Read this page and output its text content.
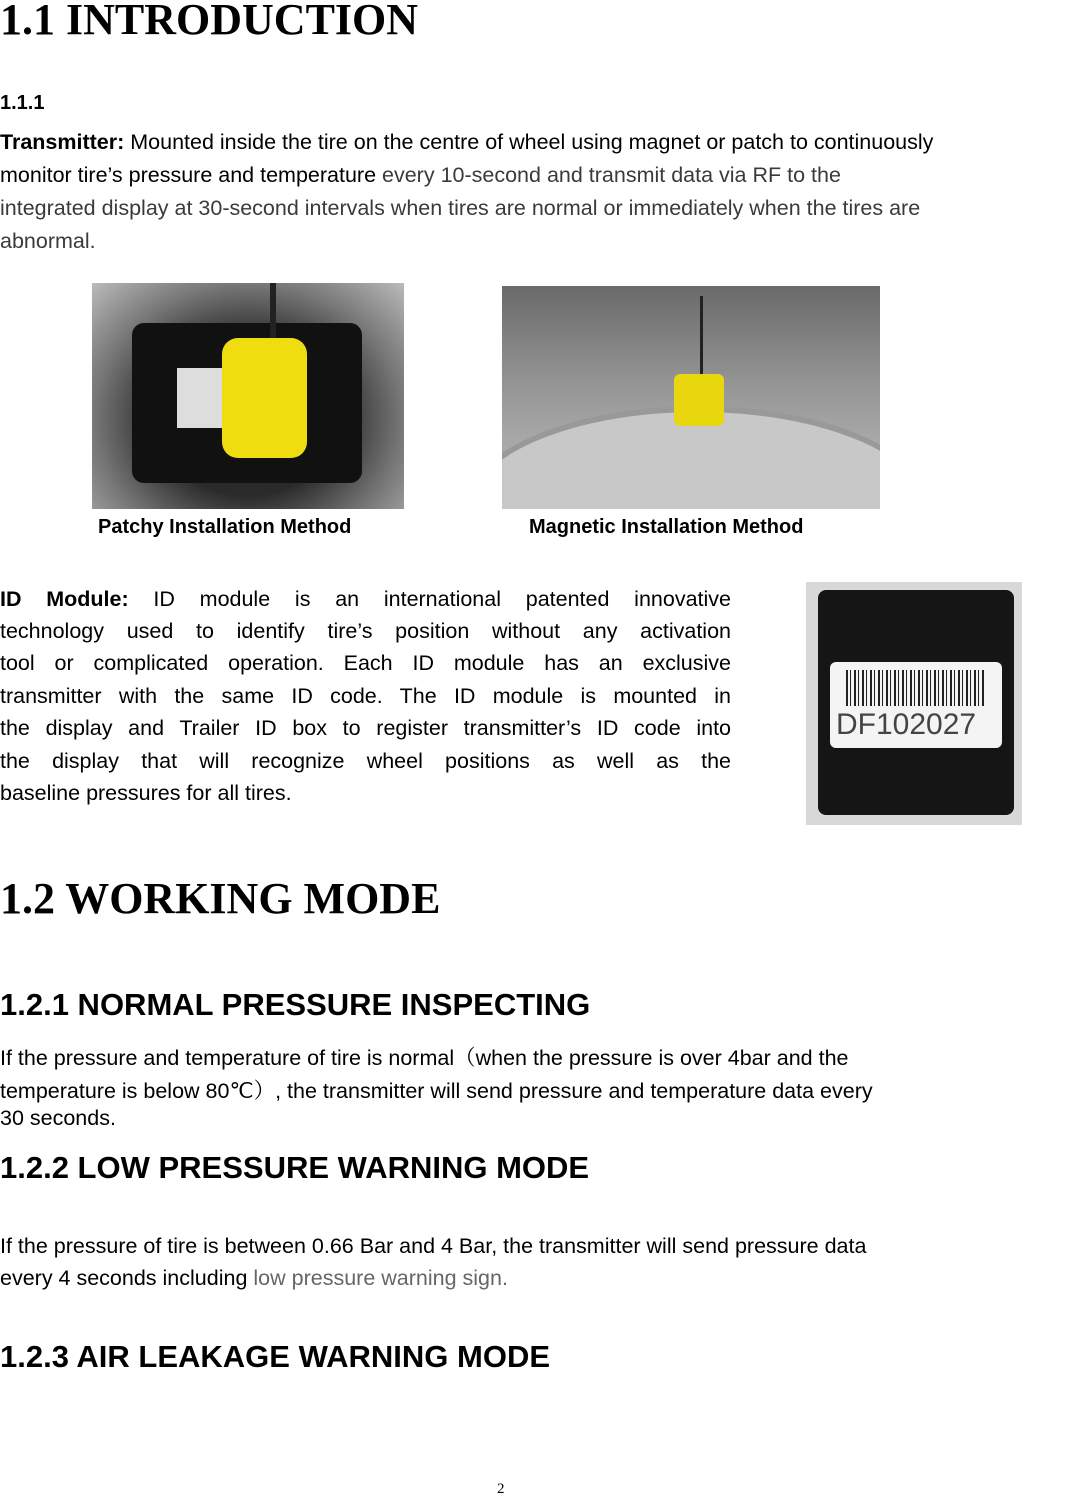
1.1 INTRODUCTION
1.1.1
Transmitter: Mounted inside the tire on the centre of wheel using magnet or patch to continuously
monitor tire’s pressure and temperature every 10-second and transmit data via RF to the
integrated display at 30-second intervals when tires are normal or immediately when the tires are
abnormal.
Patchy Installation Method	Magnetic Installation Method
ID Module: ID module is an international patented innovative
technology used to identify tire’s position without any activation
tool or complicated operation. Each ID module has an exclusive
transmitter with the same ID code. The ID module is mounted in
the display and Trailer ID box to register transmitter’s ID code into
the display that will recognize wheel positions as well as the
baseline pressures for all tires.
DF102027
1.2 WORKING MODE
1.2.1 NORMAL PRESSURE INSPECTING
If the pressure and temperature of tire is normal（when the pressure is over 4bar and the
temperature is below 80℃）, the transmitter will send pressure and temperature data every
30 seconds.
1.2.2 LOW PRESSURE WARNING MODE
If the pressure of tire is between 0.66 Bar and 4 Bar, the transmitter will send pressure data
every 4 seconds including low pressure warning sign.
1.2.3 AIR LEAKAGE WARNING MODE
2
